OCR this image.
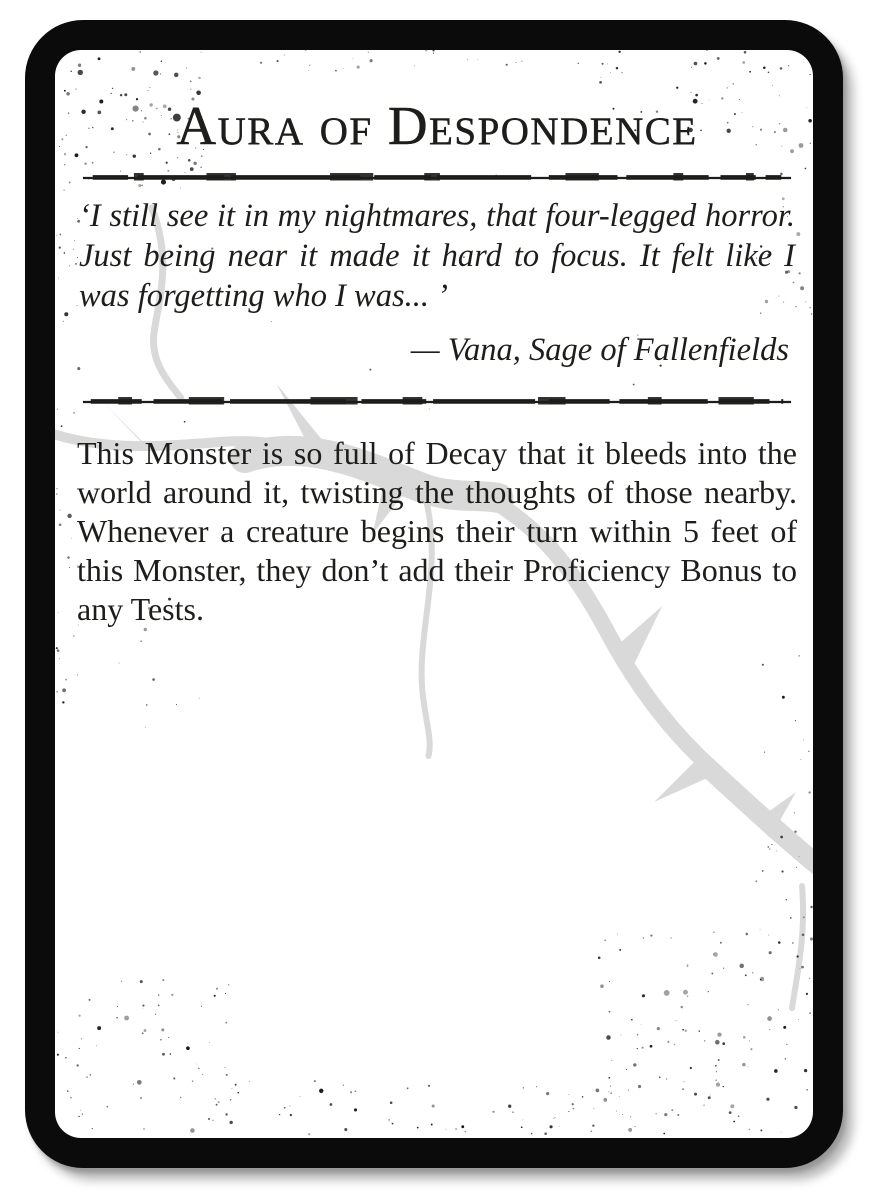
Aura of Despondence

‘I still see it in my nightmares, that four-legged horror. Just being near it made it hard to focus. It felt like I was forgetting who I was... ’

— Vana, Sage of Fallenfields

This Monster is so full of Decay that it bleeds into the world around it, twisting the thoughts of those nearby. Whenever a creature begins their turn within 5 feet of this Monster, they don’t add their Proficiency Bonus to any Tests.
